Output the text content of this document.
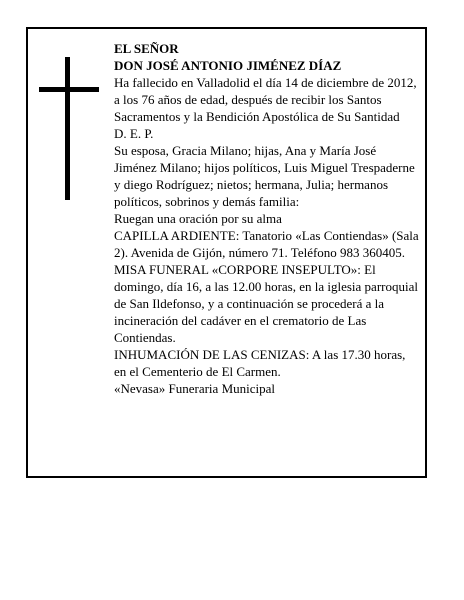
EL SEÑOR

DON JOSÉ ANTONIO JIMÉNEZ DÍAZ

Ha fallecido en Valladolid el día 14 de diciembre de 2012, a los 76 años de edad, después de recibir los Santos Sacramentos y la Bendición Apostólica de Su Santidad

D. E. P.

Su esposa, Gracia Milano; hijas, Ana y María José Jiménez Milano; hijos políticos, Luis Miguel Trespaderne y diego Rodríguez; nietos; hermana, Julia; hermanos políticos, sobrinos y demás familia:

Ruegan una oración por su alma

CAPILLA ARDIENTE: Tanatorio «Las Contiendas» (Sala 2). Avenida de Gijón, número 71. Teléfono 983 360405.

MISA FUNERAL «CORPORE INSEPULTO»: El domingo, día 16, a las 12.00 horas, en la iglesia parroquial de San Ildefonso, y a continuación se procederá a la incineración del cadáver en el crematorio de Las Contiendas.

INHUMACIÓN DE LAS CENIZAS: A las 17.30 horas, en el Cementerio de El Carmen.

«Nevasa» Funeraria Municipal
